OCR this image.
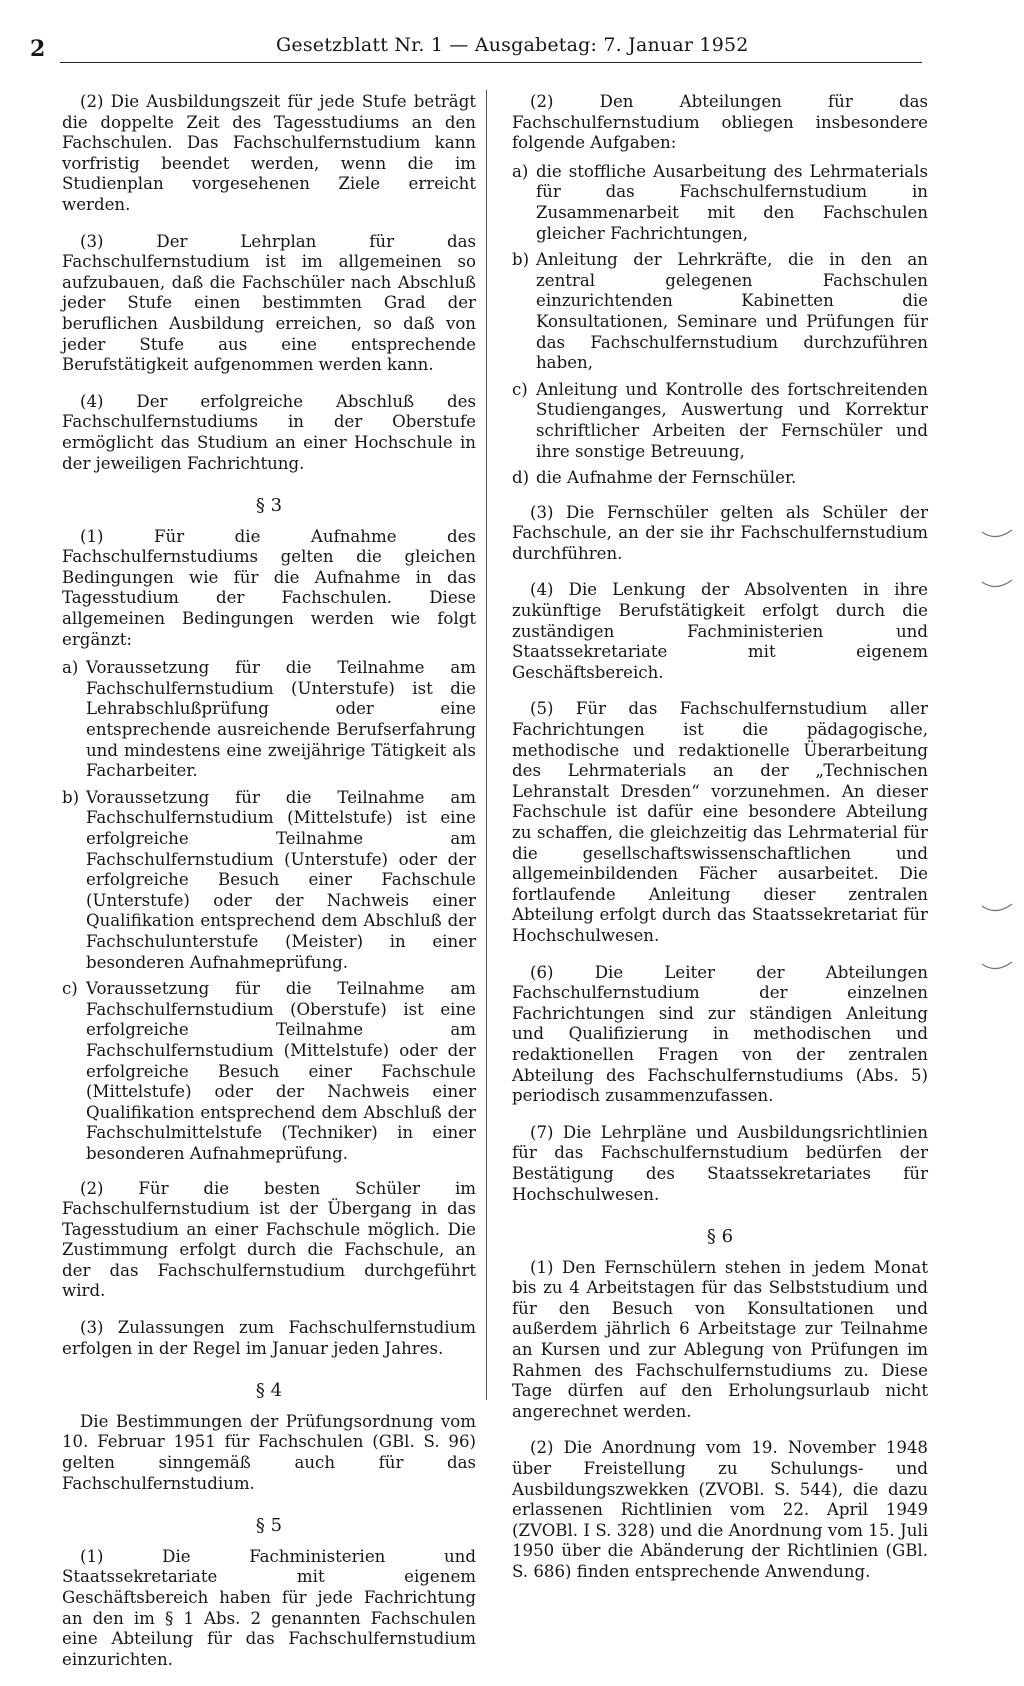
2	Gesetzblatt Nr. 1 — Ausgabetag: 7. Januar 1952

(2) Die Ausbildungszeit für jede Stufe beträgt die doppelte Zeit des Tagesstudiums an den Fachschulen. Das Fachschulfernstudium kann vorfristig beendet werden, wenn die im Studienplan vorgesehenen Ziele erreicht werden.

(3) Der Lehrplan für das Fachschulfernstudium ist im allgemeinen so aufzubauen, daß die Fachschüler nach Abschluß jeder Stufe einen bestimmten Grad der beruflichen Ausbildung erreichen, so daß von jeder Stufe aus eine entsprechende Berufstätigkeit aufgenommen werden kann.

(4) Der erfolgreiche Abschluß des Fachschulfernstudiums in der Oberstufe ermöglicht das Studium an einer Hochschule in der jeweiligen Fachrichtung.

§ 3

(1) Für die Aufnahme des Fachschulfernstudiums gelten die gleichen Bedingungen wie für die Aufnahme in das Tagesstudium der Fachschulen. Diese allgemeinen Bedingungen werden wie folgt ergänzt:

a) Voraussetzung für die Teilnahme am Fachschulfernstudium (Unterstufe) ist die Lehrabschlußprüfung oder eine entsprechende ausreichende Berufserfahrung und mindestens eine zweijährige Tätigkeit als Facharbeiter.
b) Voraussetzung für die Teilnahme am Fachschulfernstudium (Mittelstufe) ist eine erfolgreiche Teilnahme am Fachschulfernstudium (Unterstufe) oder der erfolgreiche Besuch einer Fachschule (Unterstufe) oder der Nachweis einer Qualifikation entsprechend dem Abschluß der Fachschulunterstufe (Meister) in einer besonderen Aufnahmeprüfung.
c) Voraussetzung für die Teilnahme am Fachschulfernstudium (Oberstufe) ist eine erfolgreiche Teilnahme am Fachschulfernstudium (Mittelstufe) oder der erfolgreiche Besuch einer Fachschule (Mittelstufe) oder der Nachweis einer Qualifikation entsprechend dem Abschluß der Fachschulmittelstufe (Techniker) in einer besonderen Aufnahmeprüfung.

(2) Für die besten Schüler im Fachschulfernstudium ist der Übergang in das Tagesstudium an einer Fachschule möglich. Die Zustimmung erfolgt durch die Fachschule, an der das Fachschulfernstudium durchgeführt wird.

(3) Zulassungen zum Fachschulfernstudium erfolgen in der Regel im Januar jeden Jahres.

§ 4

Die Bestimmungen der Prüfungsordnung vom 10. Februar 1951 für Fachschulen (GBl. S. 96) gelten sinngemäß auch für das Fachschulfernstudium.

§ 5

(1) Die Fachministerien und Staatssekretariate mit eigenem Geschäftsbereich haben für jede Fachrichtung an den im § 1 Abs. 2 genannten Fachschulen eine Abteilung für das Fachschulfernstudium einzurichten.

(2) Den Abteilungen für das Fachschulfernstudium obliegen insbesondere folgende Aufgaben:

a) die stoffliche Ausarbeitung des Lehrmaterials für das Fachschulfernstudium in Zusammenarbeit mit den Fachschulen gleicher Fachrichtungen,
b) Anleitung der Lehrkräfte, die in den an zentral gelegenen Fachschulen einzurichtenden Kabinetten die Konsultationen, Seminare und Prüfungen für das Fachschulfernstudium durchzuführen haben,
c) Anleitung und Kontrolle des fortschreitenden Studienganges, Auswertung und Korrektur schriftlicher Arbeiten der Fernschüler und ihre sonstige Betreuung,
d) die Aufnahme der Fernschüler.

(3) Die Fernschüler gelten als Schüler der Fachschule, an der sie ihr Fachschulfernstudium durchführen.

(4) Die Lenkung der Absolventen in ihre zukünftige Berufstätigkeit erfolgt durch die zuständigen Fachministerien und Staatssekretariate mit eigenem Geschäftsbereich.

(5) Für das Fachschulfernstudium aller Fachrichtungen ist die pädagogische, methodische und redaktionelle Überarbeitung des Lehrmaterials an der „Technischen Lehranstalt Dresden“ vorzunehmen. An dieser Fachschule ist dafür eine besondere Abteilung zu schaffen, die gleichzeitig das Lehrmaterial für die gesellschaftswissenschaftlichen und allgemeinbildenden Fächer ausarbeitet. Die fortlaufende Anleitung dieser zentralen Abteilung erfolgt durch das Staatssekretariat für Hochschulwesen.

(6) Die Leiter der Abteilungen Fachschulfernstudium der einzelnen Fachrichtungen sind zur ständigen Anleitung und Qualifizierung in methodischen und redaktionellen Fragen von der zentralen Abteilung des Fachschulfernstudiums (Abs. 5) periodisch zusammenzufassen.

(7) Die Lehrpläne und Ausbildungsrichtlinien für das Fachschulfernstudium bedürfen der Bestätigung des Staatssekretariates für Hochschulwesen.

§ 6

(1) Den Fernschülern stehen in jedem Monat bis zu 4 Arbeitstagen für das Selbststudium und für den Besuch von Konsultationen und außerdem jährlich 6 Arbeitstage zur Teilnahme an Kursen und zur Ablegung von Prüfungen im Rahmen des Fachschulfernstudiums zu. Diese Tage dürfen auf den Erholungsurlaub nicht angerechnet werden.

(2) Die Anordnung vom 19. November 1948 über Freistellung zu Schulungs- und Ausbildungszwekken (ZVOBl. S. 544), die dazu erlassenen Richtlinien vom 22. April 1949 (ZVOBl. I S. 328) und die Anordnung vom 15. Juli 1950 über die Abänderung der Richtlinien (GBl. S. 686) finden entsprechende Anwendung.
